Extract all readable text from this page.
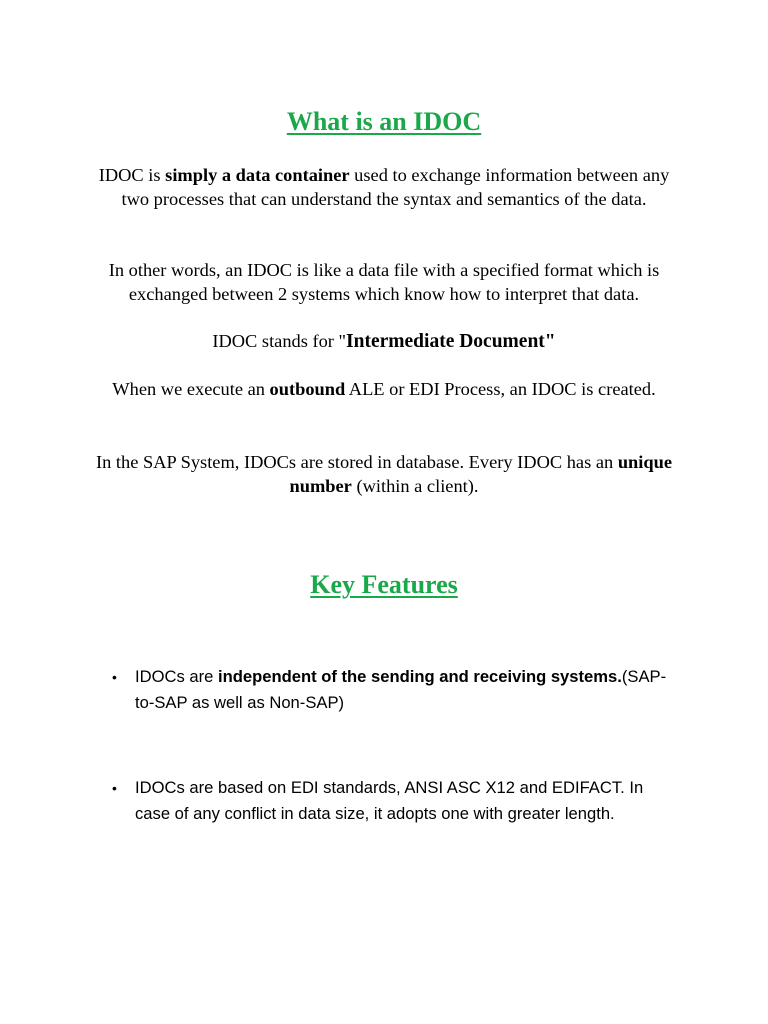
What is an IDOC

IDOC is simply a data container used to exchange information between any two processes that can understand the syntax and semantics of the data.

In other words, an IDOC is like a data file with a specified format which is exchanged between 2 systems which know how to interpret that data.

IDOC stands for "Intermediate Document"

When we execute an outbound ALE or EDI Process, an IDOC is created.

In the SAP System, IDOCs are stored in database. Every IDOC has an unique number (within a client).

Key Features
• IDOCs are independent of the sending and receiving systems.(SAP-to-SAP as well as Non-SAP)
• IDOCs are based on EDI standards, ANSI ASC X12 and EDIFACT. In case of any conflict in data size, it adopts one with greater length.
